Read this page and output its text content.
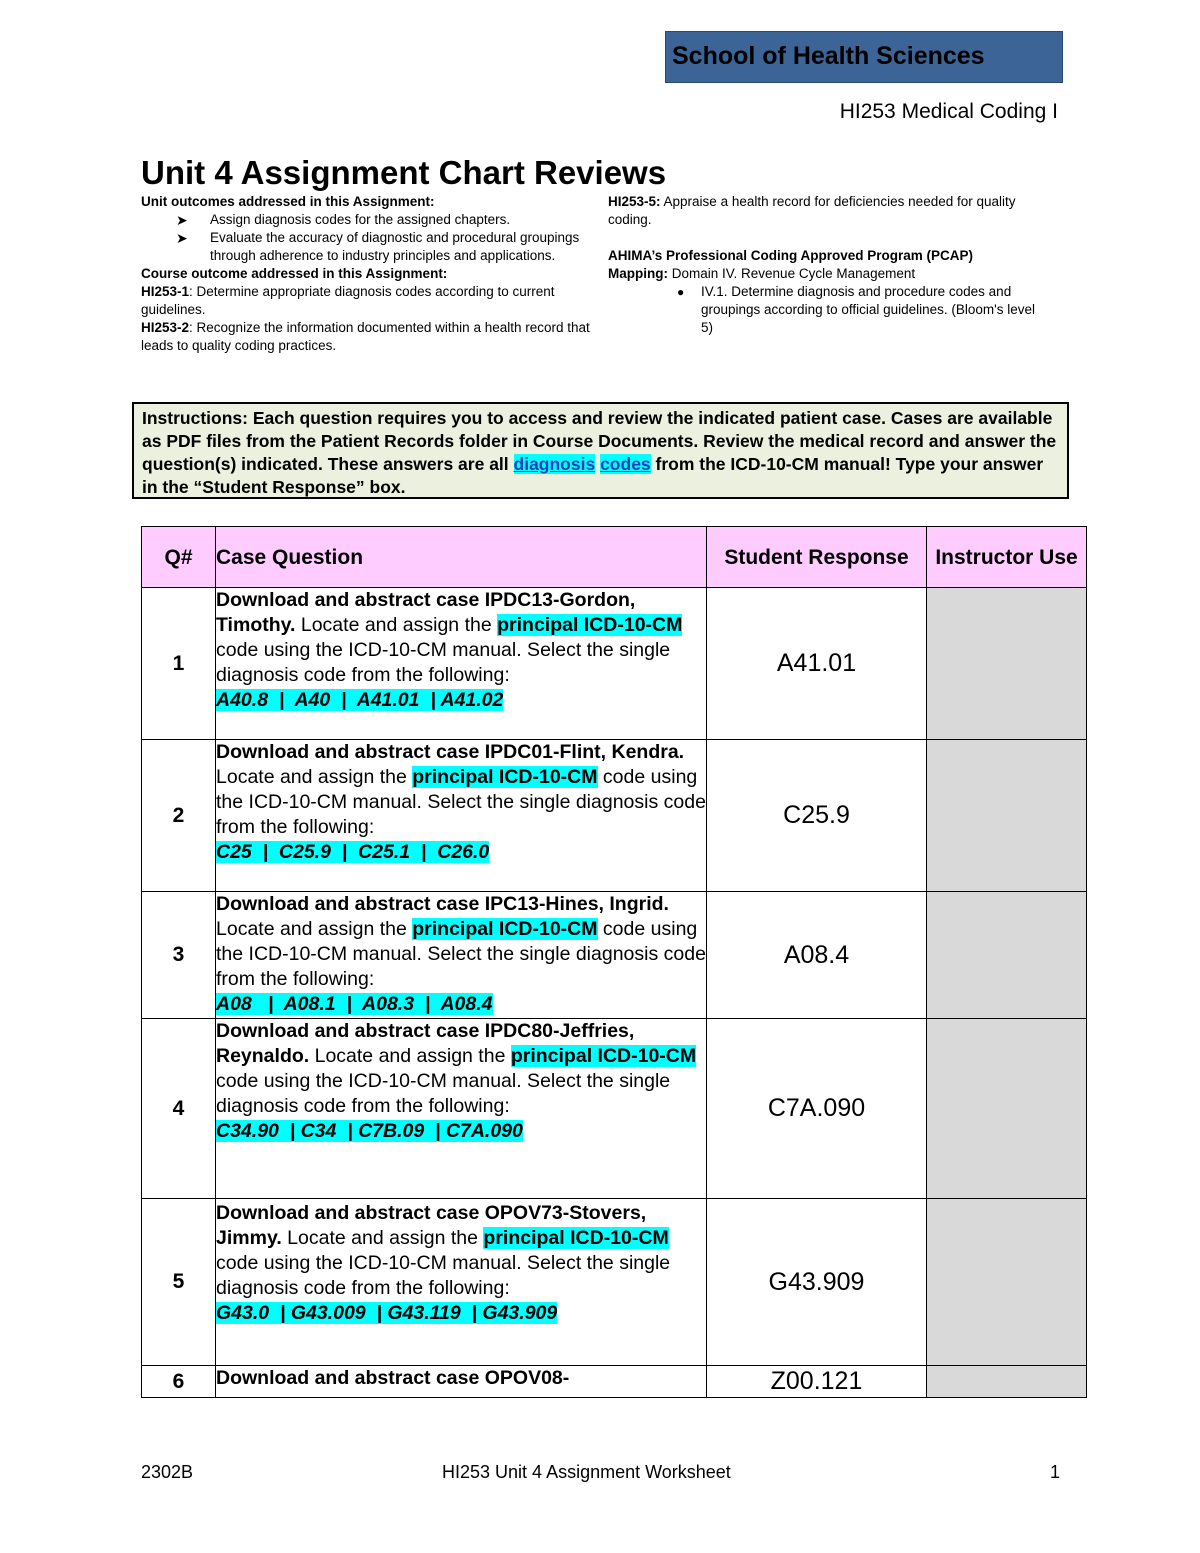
School of Health Sciences
HI253 Medical Coding I
Unit 4 Assignment Chart Reviews
Unit outcomes addressed in this Assignment:
➤	Assign diagnosis codes for the assigned chapters.
➤	Evaluate the accuracy of diagnostic and procedural groupings through adherence to industry principles and applications.
Course outcome addressed in this Assignment:
HI253-1: Determine appropriate diagnosis codes according to current guidelines.
HI253-2: Recognize the information documented within a health record that leads to quality coding practices.
HI253-5: Appraise a health record for deficiencies needed for quality coding.
AHIMA’s Professional Coding Approved Program (PCAP)
Mapping: Domain IV. Revenue Cycle Management
●	IV.1. Determine diagnosis and procedure codes and groupings according to official guidelines. (Bloom's level 5)
Instructions: Each question requires you to access and review the indicated patient case. Cases are available as PDF files from the Patient Records folder in Course Documents. Review the medical record and answer the question(s) indicated. These answers are all diagnosis codes from the ICD-10-CM manual! Type your answer in the “Student Response” box.
Q#	Case Question	Student Response	Instructor Use
1	Download and abstract case IPDC13-Gordon, Timothy. Locate and assign the principal ICD-10-CM code using the ICD-10-CM manual. Select the single diagnosis code from the following:
A40.8  |  A40  |  A41.01  | A41.02	A41.01	
2	Download and abstract case IPDC01-Flint, Kendra. Locate and assign the principal ICD-10-CM code using the ICD-10-CM manual. Select the single diagnosis code from the following:
C25  |  C25.9  |  C25.1  |  C26.0	C25.9	
3	Download and abstract case IPC13-Hines, Ingrid. Locate and assign the principal ICD-10-CM code using the ICD-10-CM manual. Select the single diagnosis code from the following:
A08   |  A08.1  |  A08.3  |  A08.4	A08.4	
4	Download and abstract case IPDC80-Jeffries, Reynaldo. Locate and assign the principal ICD-10-CM code using the ICD-10-CM manual. Select the single diagnosis code from the following:
C34.90  | C34  | C7B.09  | C7A.090	C7A.090	
5	Download and abstract case OPOV73-Stovers, Jimmy. Locate and assign the principal ICD-10-CM code using the ICD-10-CM manual. Select the single diagnosis code from the following:
G43.0  | G43.009  | G43.119  | G43.909	G43.909	
6	Download and abstract case OPOV08-	Z00.121	
2302B	HI253 Unit 4 Assignment Worksheet	1
